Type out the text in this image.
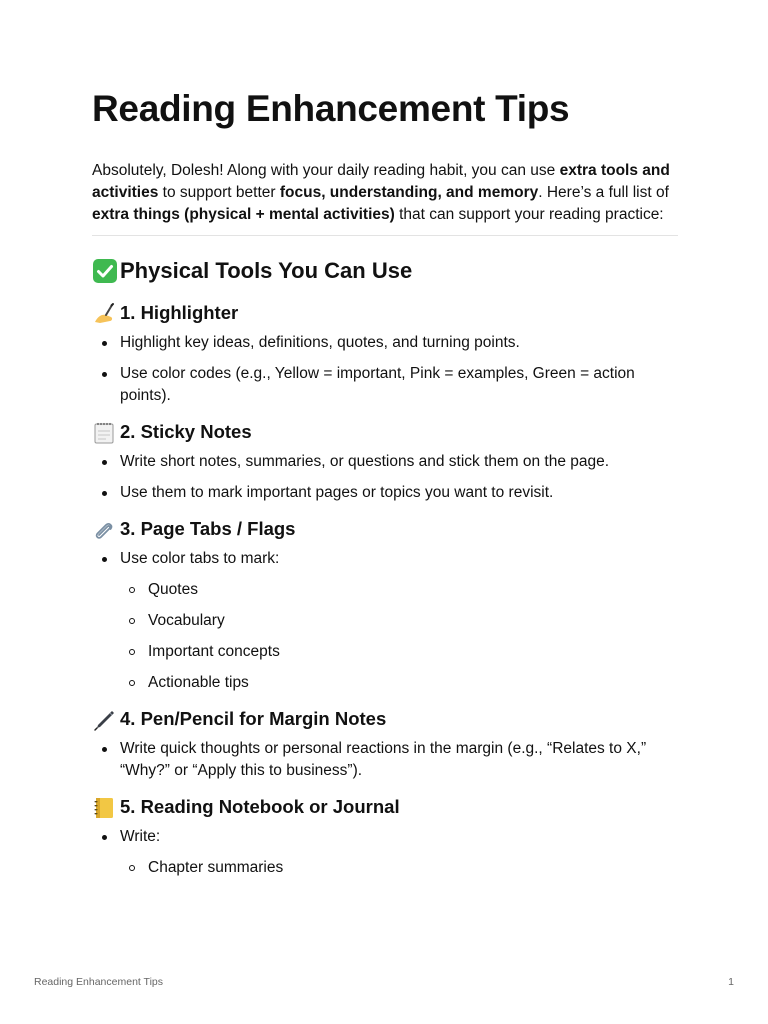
Reading Enhancement Tips

Absolutely, Dolesh! Along with your daily reading habit, you can use extra tools and activities to support better focus, understanding, and memory. Here’s a full list of extra things (physical + mental activities) that can support your reading practice:

Physical Tools You Can Use
1. Highlighter
Highlight key ideas, definitions, quotes, and turning points.
Use color codes (e.g., Yellow = important, Pink = examples, Green = action points).
2. Sticky Notes
Write short notes, summaries, or questions and stick them on the page.
Use them to mark important pages or topics you want to revisit.
3. Page Tabs / Flags
Use color tabs to mark:
Quotes
Vocabulary
Important concepts
Actionable tips
4. Pen/Pencil for Margin Notes
Write quick thoughts or personal reactions in the margin (e.g., “Relates to X,” “Why?” or “Apply this to business”).
5. Reading Notebook or Journal
Write:
Chapter summaries
Reading Enhancement Tips	1
